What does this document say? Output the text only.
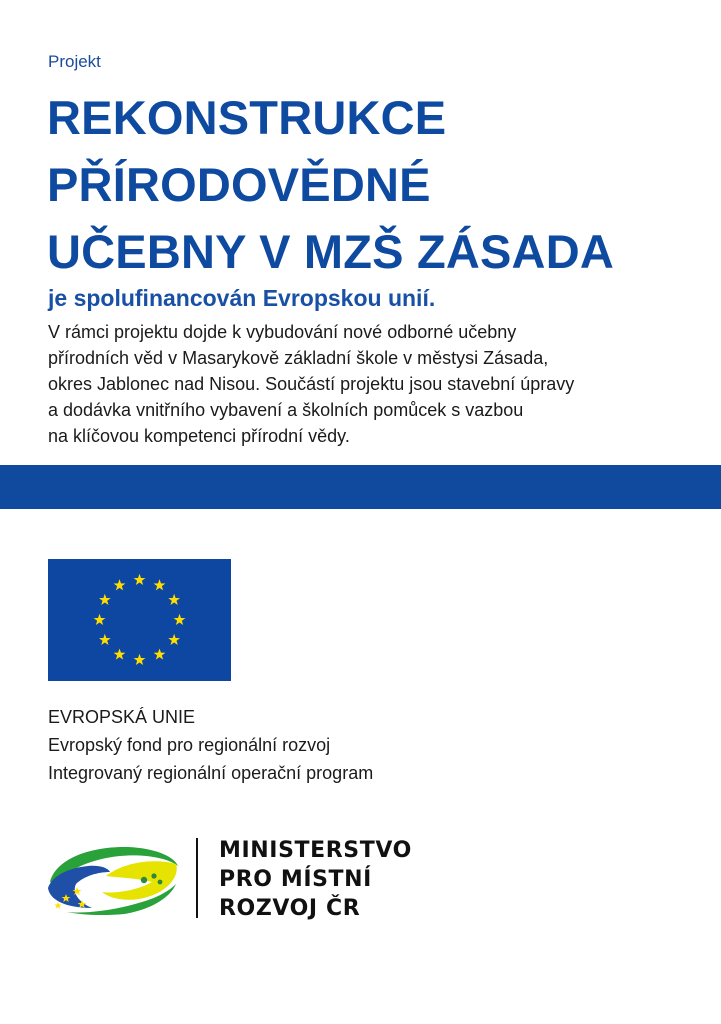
Projekt
REKONSTRUKCE
PŘÍRODOVĚDNÉ
UČEBNY V MZŠ ZÁSADA
je spolufinancován Evropskou unií.
V rámci projektu dojde k vybudování nové odborné učebny
přírodních věd v Masarykově základní škole v městysi Zásada,
okres Jablonec nad Nisou. Součástí projektu jsou stavební úpravy
a dodávka vnitřního vybavení a školních pomůcek s vazbou
na klíčovou kompetenci přírodní vědy.
EVROPSKÁ UNIE
Evropský fond pro regionální rozvoj
Integrovaný regionální operační program
MINISTERSTVO
PRO MÍSTNÍ
ROZVOJ ČR
